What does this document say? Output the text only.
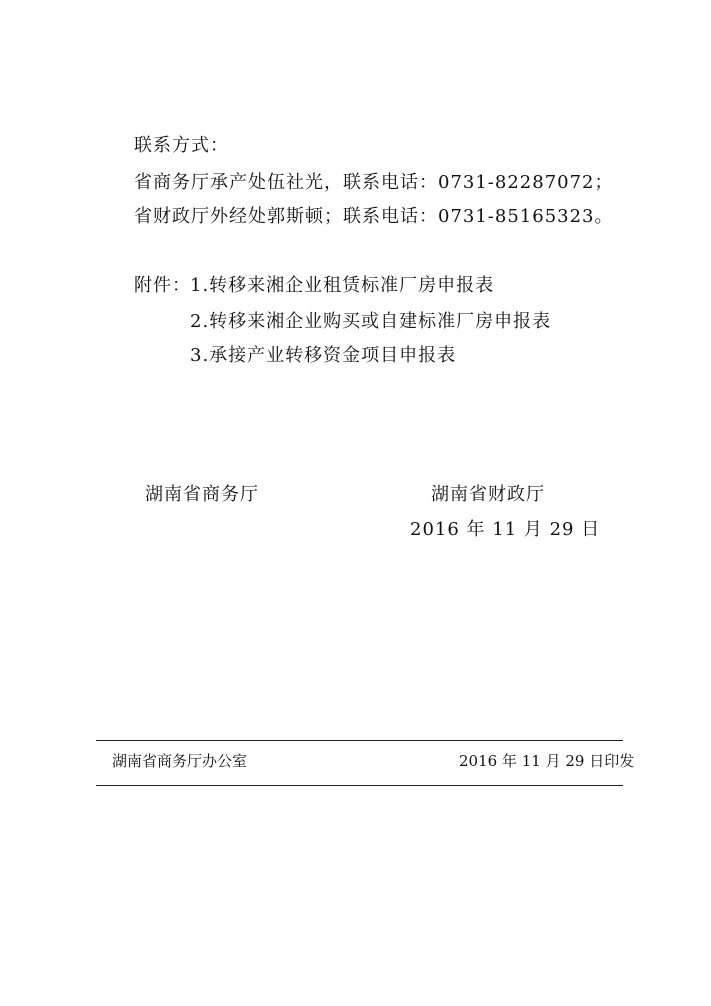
联系方式：
省商务厅承产处伍社光，联系电话：0731-82287072；
省财政厅外经处郭斯顿；联系电话：0731-85165323。
附件： 1.转移来湘企业租赁标准厂房申报表
2.转移来湘企业购买或自建标准厂房申报表
3.承接产业转移资金项目申报表
湖南省商务厅	湖南省财政厅
2016 年 11 月 29 日
湖南省商务厅办公室	2016 年 11 月 29 日印发
